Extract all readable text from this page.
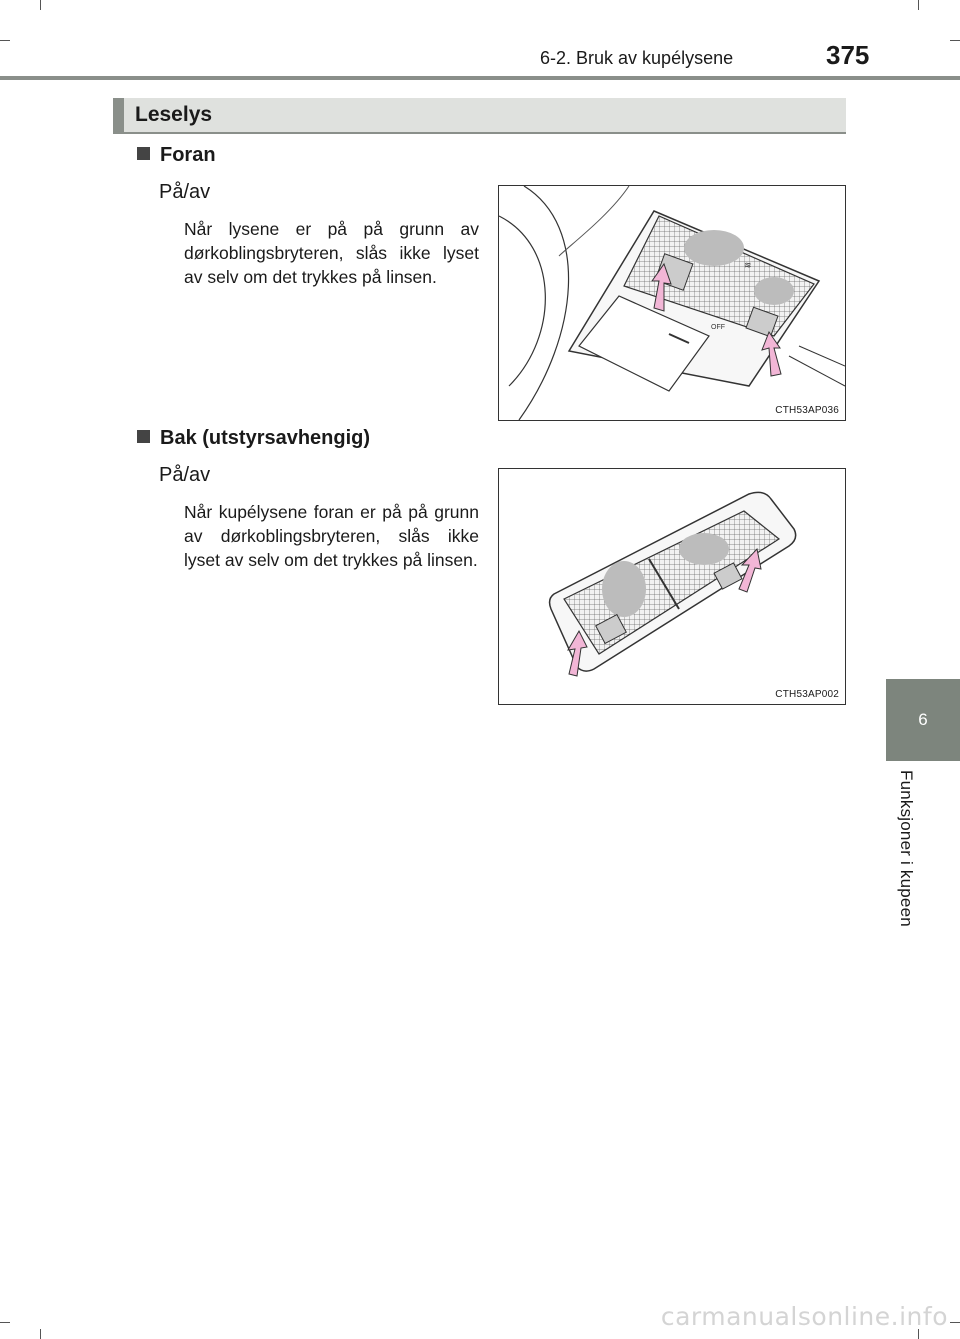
6-2. Bruk av kupélysene	375
6
Funksjoner i kupeen
Leselys
Foran
På/av
Når lysene er på på grunn av dørkoblingsbryteren, slås ikke lyset av selv om det trykkes på linsen.
≋
OFF
CTH53AP036
Bak (utstyrsavhengig)
På/av
Når kupélysene foran er på på grunn av dørkoblingsbryteren, slås ikke lyset av selv om det trykkes på linsen.
CTH53AP002
carmanualsonline.info
